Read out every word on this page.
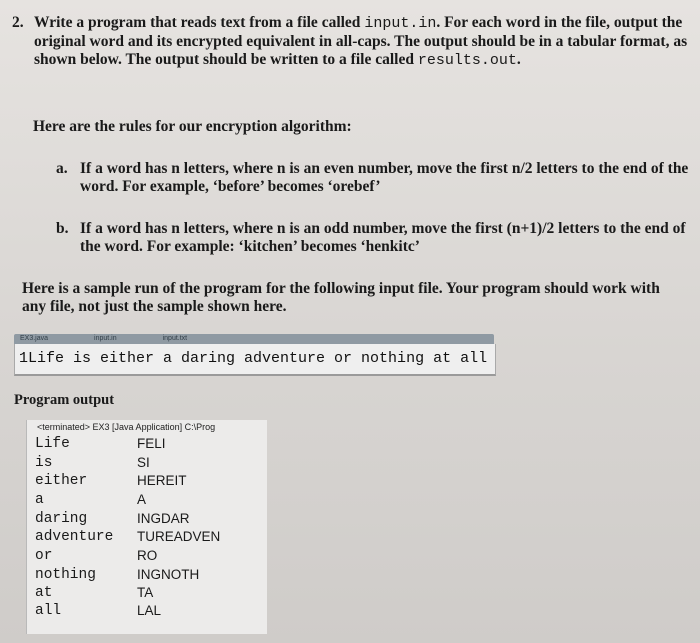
2. Write a program that reads text from a file called input.in. For each word in the file, output the original word and its encrypted equivalent in all-caps. The output should be in a tabular format, as shown below. The output should be written to a file called results.out.
Here are the rules for our encryption algorithm:
a. If a word has n letters, where n is an even number, move the first n/2 letters to the end of the word. For example, ‘before’ becomes ‘orebef’
b. If a word has n letters, where n is an odd number, move the first (n+1)/2 letters to the end of the word. For example: ‘kitchen’ becomes ‘henkitc’
Here is a sample run of the program for the following input file. Your program should work with any file, not just the sample shown here.
EX3.java	input.in	input.txt
1Life is either a daring adventure or nothing at all
Program output
<terminated> EX3 [Java Application] C:\Prog
Life	FELI
is	SI
either	HEREIT
a	A
daring	INGDAR
adventure TUREADVEN
or	RO
nothing	INGNOTH
at	TA
all	LAL
